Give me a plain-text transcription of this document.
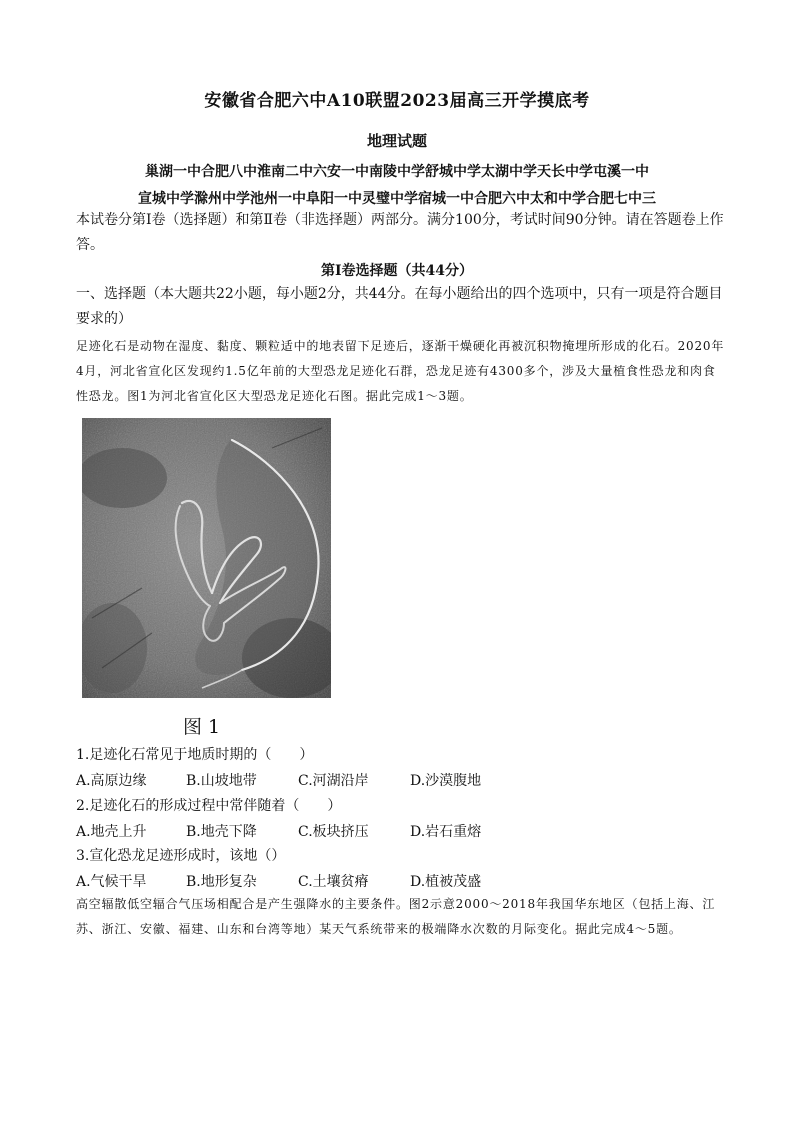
安徽省合肥六中A10联盟2023届高三开学摸底考
地理试题
巢湖一中合肥八中淮南二中六安一中南陵中学舒城中学太湖中学天长中学屯溪一中
宣城中学滁州中学池州一中阜阳一中灵璧中学宿城一中合肥六中太和中学合肥七中三
本试卷分第Ⅰ卷（选择题）和第Ⅱ卷（非选择题）两部分。满分100分，考试时间90分钟。请在答题卷上作答。
第Ⅰ卷选择题（共44分）
一、选择题（本大题共22小题，每小题2分，共44分。在每小题给出的四个选项中，只有一项是符合题目要求的）
足迹化石是动物在湿度、黏度、颗粒适中的地表留下足迹后，逐渐干燥硬化再被沉积物掩埋所形成的化石。2020年4月，河北省宣化区发现约1.5亿年前的大型恐龙足迹化石群，恐龙足迹有4300多个，涉及大量植食性恐龙和肉食性恐龙。图1为河北省宣化区大型恐龙足迹化石图。据此完成1～3题。
图 1
1.足迹化石常见于地质时期的（　　）
A.高原边缘	B.山坡地带	C.河湖沿岸	D.沙漠腹地
2.足迹化石的形成过程中常伴随着（　　）
A.地壳上升	B.地壳下降	C.板块挤压	D.岩石重熔
3.宣化恐龙足迹形成时，该地（）
A.气候干旱	B.地形复杂	C.土壤贫瘠	D.植被茂盛
高空辐散低空辐合气压场相配合是产生强降水的主要条件。图2示意2000～2018年我国华东地区（包括上海、江苏、浙江、安徽、福建、山东和台湾等地）某天气系统带来的极端降水次数的月际变化。据此完成4～5题。
